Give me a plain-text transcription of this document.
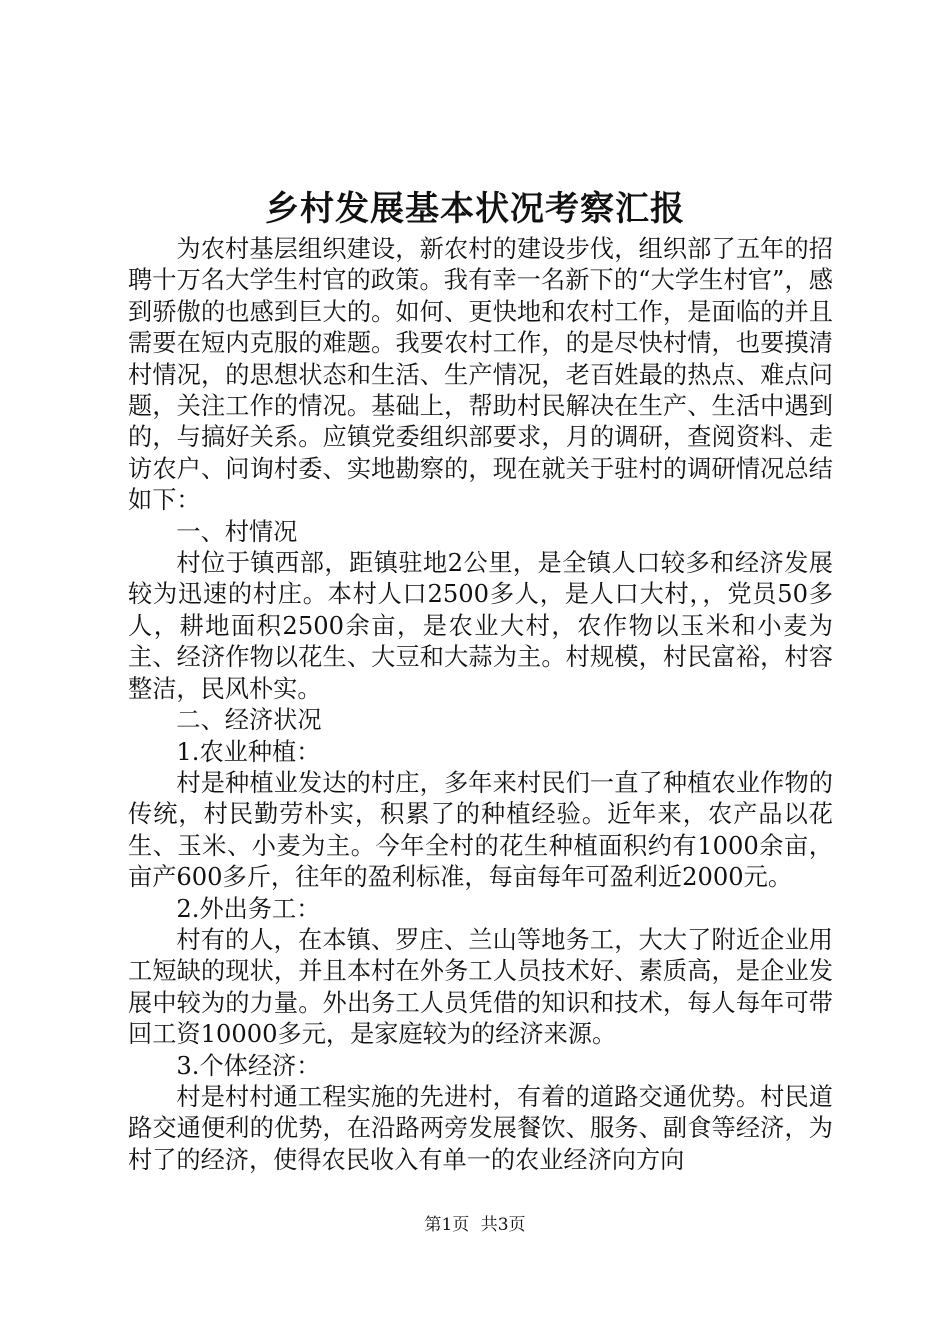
乡村发展基本状况考察汇报

为农村基层组织建设，新农村的建设步伐，组织部了五年的招聘十万名大学生村官的政策。我有幸一名新下的“大学生村官”，感到骄傲的也感到巨大的。如何、更快地和农村工作，是面临的并且需要在短内克服的难题。我要农村工作，的是尽快村情，也要摸清村情况，的思想状态和生活、生产情况，老百姓最的热点、难点问题，关注工作的情况。基础上，帮助村民解决在生产、生活中遇到的，与搞好关系。应镇党委组织部要求，月的调研，查阅资料、走访农户、问询村委、实地勘察的，现在就关于驻村的调研情况总结如下：

一、村情况

村位于镇西部，距镇驻地2公里，是全镇人口较多和经济发展较为迅速的村庄。本村人口2500多人，是人口大村，，党员50多人，耕地面积2500余亩，是农业大村，农作物以玉米和小麦为主、经济作物以花生、大豆和大蒜为主。村规模，村民富裕，村容整洁，民风朴实。

二、经济状况

1.农业种植：

村是种植业发达的村庄，多年来村民们一直了种植农业作物的传统，村民勤劳朴实，积累了的种植经验。近年来，农产品以花生、玉米、小麦为主。今年全村的花生种植面积约有1000余亩，亩产600多斤，往年的盈利标准，每亩每年可盈利近2000元。

2.外出务工：

村有的人，在本镇、罗庄、兰山等地务工，大大了附近企业用工短缺的现状，并且本村在外务工人员技术好、素质高，是企业发展中较为的力量。外出务工人员凭借的知识和技术，每人每年可带回工资10000多元，是家庭较为的经济来源。

3.个体经济：

村是村村通工程实施的先进村，有着的道路交通优势。村民道路交通便利的优势，在沿路两旁发展餐饮、服务、副食等经济，为村了的经济，使得农民收入有单一的农业经济向方向

第1页 共3页
